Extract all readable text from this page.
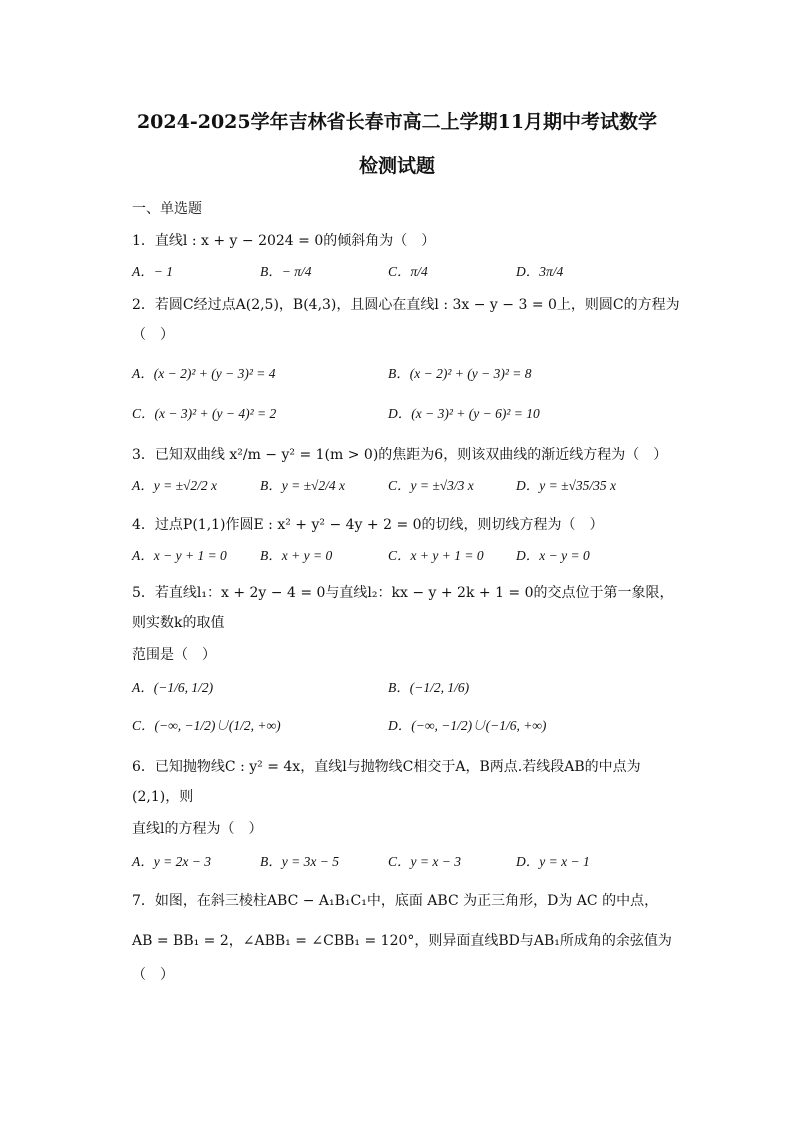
2024-2025学年吉林省长春市高二上学期11月期中考试数学
检测试题
一、单选题
1．直线l : x + y − 2024 = 0的倾斜角为（　）
A．− 1	B．− π/4	C．π/4	D．3π/4
2．若圆C经过点A(2,5)，B(4,3)，且圆心在直线l : 3x − y − 3 = 0上，则圆C的方程为（　）
A．(x − 2)² + (y − 3)² = 4	B．(x − 2)² + (y − 3)² = 8
C．(x − 3)² + (y − 4)² = 2	D．(x − 3)² + (y − 6)² = 10
3．已知双曲线 x²/m − y² = 1(m > 0)的焦距为6，则该双曲线的渐近线方程为（　）
A．y = ±√2/2 x	B．y = ±√2/4 x	C．y = ±√3/3 x	D．y = ±√35/35 x
4．过点P(1,1)作圆E : x² + y² − 4y + 2 = 0的切线，则切线方程为（　）
A．x − y + 1 = 0	B．x + y = 0	C．x + y + 1 = 0	D．x − y = 0
5．若直线l₁：x + 2y − 4 = 0与直线l₂：kx − y + 2k + 1 = 0的交点位于第一象限，则实数k的取值
范围是（　）
A．(−1/6, 1/2)	B．(−1/2, 1/6)
C．(−∞, −1/2)∪(1/2, +∞)	D．(−∞, −1/2)∪(−1/6, +∞)
6．已知抛物线C : y² = 4x，直线l与抛物线C相交于A，B两点.若线段AB的中点为(2,1)，则
直线l的方程为（　）
A．y = 2x − 3	B．y = 3x − 5	C．y = x − 3	D．y = x − 1
7．如图，在斜三棱柱ABC − A₁B₁C₁中，底面 ABC 为正三角形，D为 AC 的中点，
AB = BB₁ = 2，∠ABB₁ = ∠CBB₁ = 120°，则异面直线BD与AB₁所成角的余弦值为（　）
